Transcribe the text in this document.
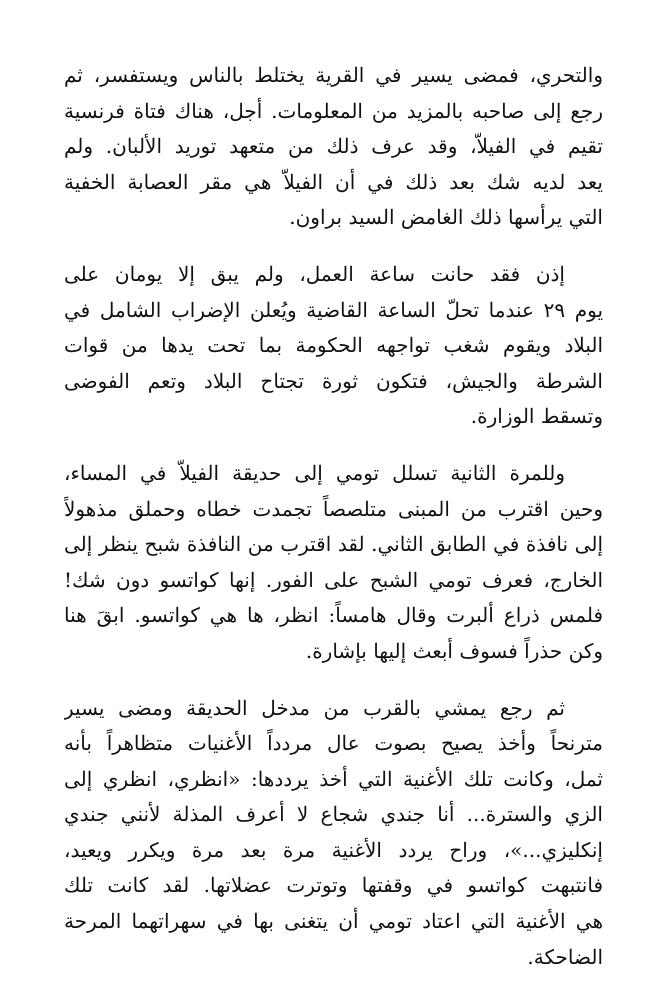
والتحري، فمضى يسير في القرية يختلط بالناس ويستفسر، ثم
رجع إلى صاحبه بالمزيد من المعلومات. أجل، هناك فتاة فرنسية
تقيم في الفيلاّ، وقد عرف ذلك من متعهد توريد الألبان. ولم
يعد لديه شك بعد ذلك في أن الفيلاّ هي مقر العصابة الخفية
التي يرأسها ذلك الغامض السيد براون.

إذن فقد حانت ساعة العمل، ولم يبق إلا يومان على
يوم ٢٩ عندما تحلّ الساعة القاضية ويُعلن الإضراب الشامل في
البلاد ويقوم شغب تواجهه الحكومة بما تحت يدها من قوات
الشرطة والجيش، فتكون ثورة تجتاح البلاد وتعم الفوضى
وتسقط الوزارة.

وللمرة الثانية تسلل تومي إلى حديقة الفيلاّ في المساء،
وحين اقترب من المبنى متلصصاً تجمدت خطاه وحملق مذهولاً
إلى نافذة في الطابق الثاني. لقد اقترب من النافذة شبح ينظر إلى
الخارج، فعرف تومي الشبح على الفور. إنها كواتسو دون شك!
فلمس ذراع ألبرت وقال هامساً: انظر، ها هي كواتسو. ابقَ هنا
وكن حذراً فسوف أبعث إليها بإشارة.

ثم رجع يمشي بالقرب من مدخل الحديقة ومضى يسير
مترنحاً وأخذ يصيح بصوت عال مردداً الأغنيات متظاهراً بأنه
ثمل، وكانت تلك الأغنية التي أخذ يرددها: «انظري، انظري إلى
الزي والسترة... أنا جندي شجاع لا أعرف المذلة لأنني جندي
إنكليزي...»، وراح يردد الأغنية مرة بعد مرة ويكرر ويعيد،
فانتبهت كواتسو في وقفتها وتوترت عضلاتها. لقد كانت تلك
هي الأغنية التي اعتاد تومي أن يتغنى بها في سهراتهما المرحة
الضاحكة.
